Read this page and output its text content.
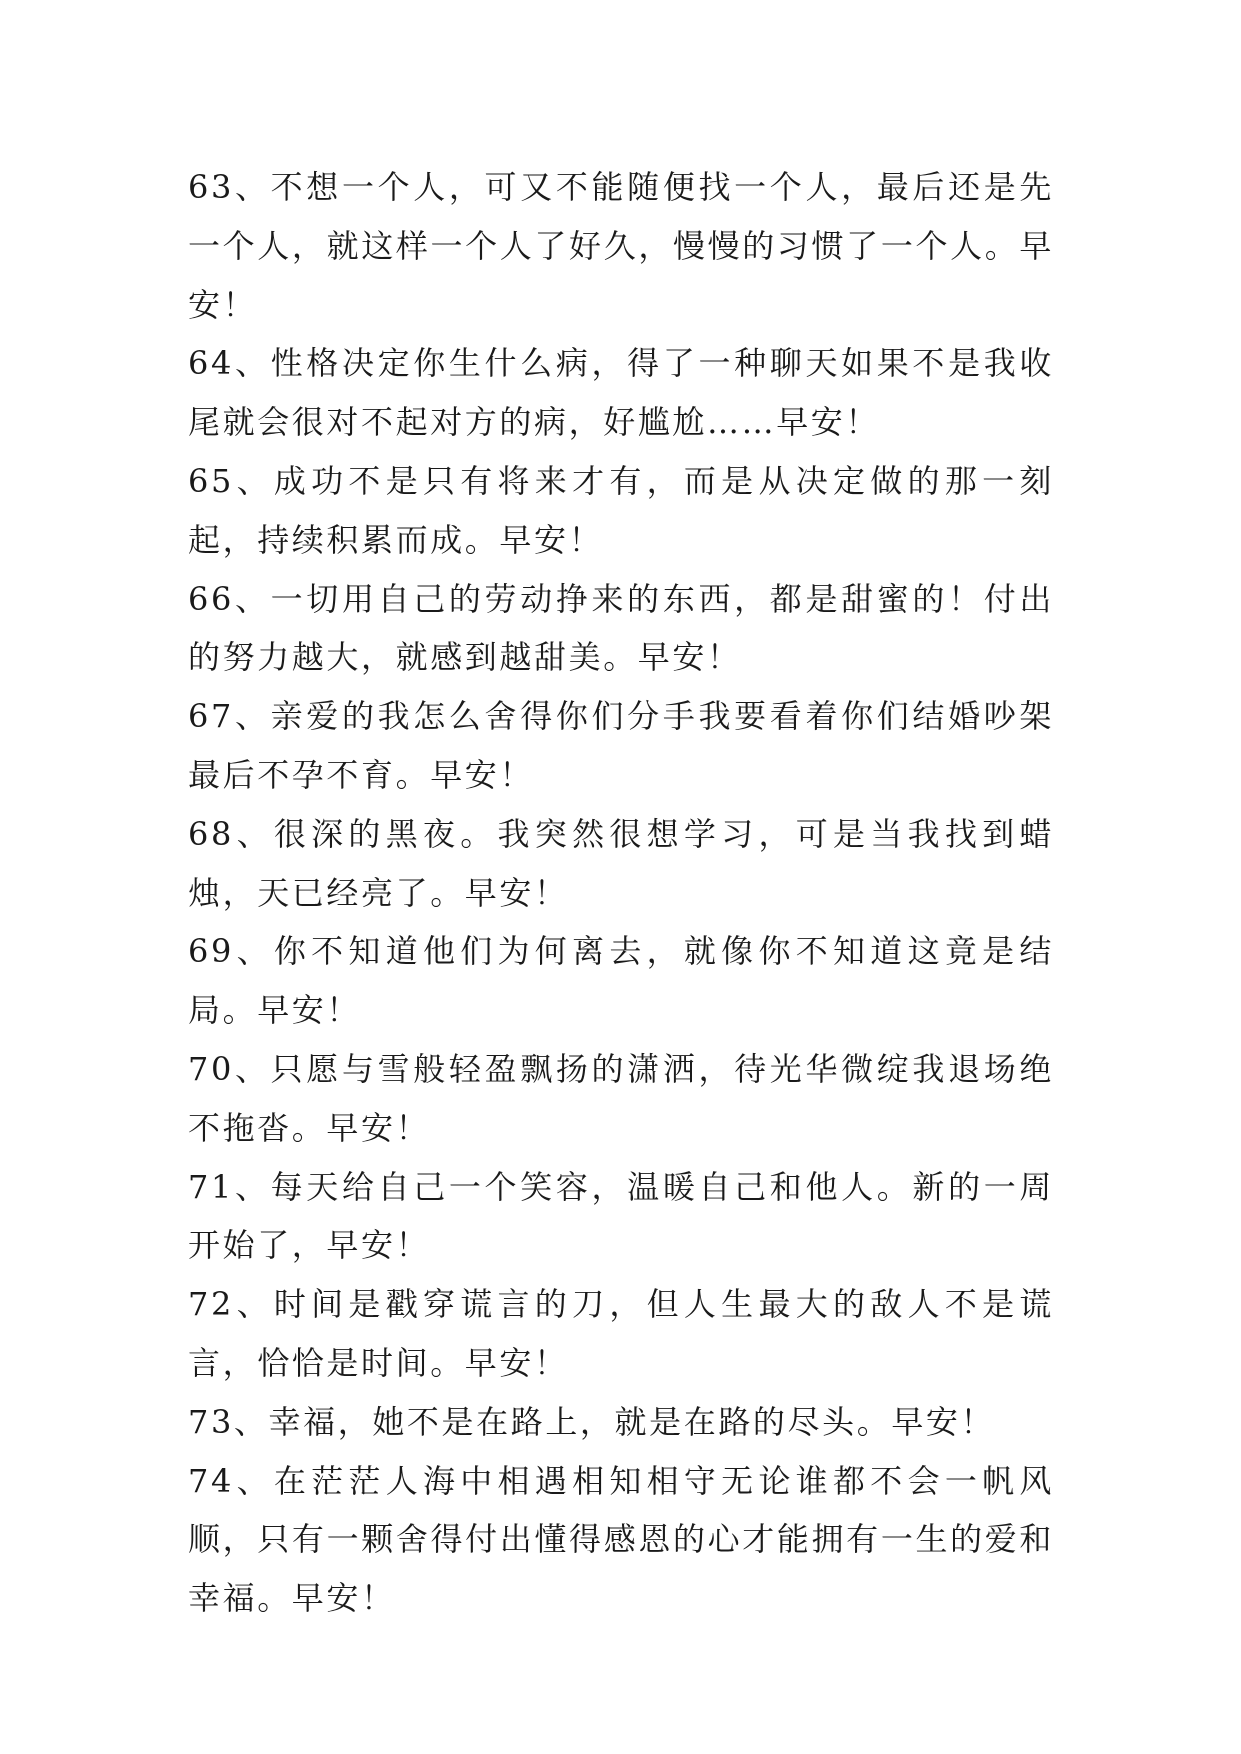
63、不想一个人，可又不能随便找一个人，最后还是先一个人，就这样一个人了好久，慢慢的习惯了一个人。早安！

64、性格决定你生什么病，得了一种聊天如果不是我收尾就会很对不起对方的病，好尴尬……早安！

65、成功不是只有将来才有，而是从决定做的那一刻起，持续积累而成。早安！

66、一切用自己的劳动挣来的东西，都是甜蜜的！付出的努力越大，就感到越甜美。早安！

67、亲爱的我怎么舍得你们分手我要看着你们结婚吵架最后不孕不育。早安！

68、很深的黑夜。我突然很想学习，可是当我找到蜡烛，天已经亮了。早安！

69、你不知道他们为何离去，就像你不知道这竟是结局。早安！

70、只愿与雪般轻盈飘扬的潇洒，待光华微绽我退场绝不拖沓。早安！

71、每天给自己一个笑容，温暖自己和他人。新的一周开始了，早安！

72、时间是戳穿谎言的刀，但人生最大的敌人不是谎言，恰恰是时间。早安！

73、幸福，她不是在路上，就是在路的尽头。早安！

74、在茫茫人海中相遇相知相守无论谁都不会一帆风顺，只有一颗舍得付出懂得感恩的心才能拥有一生的爱和幸福。早安！
